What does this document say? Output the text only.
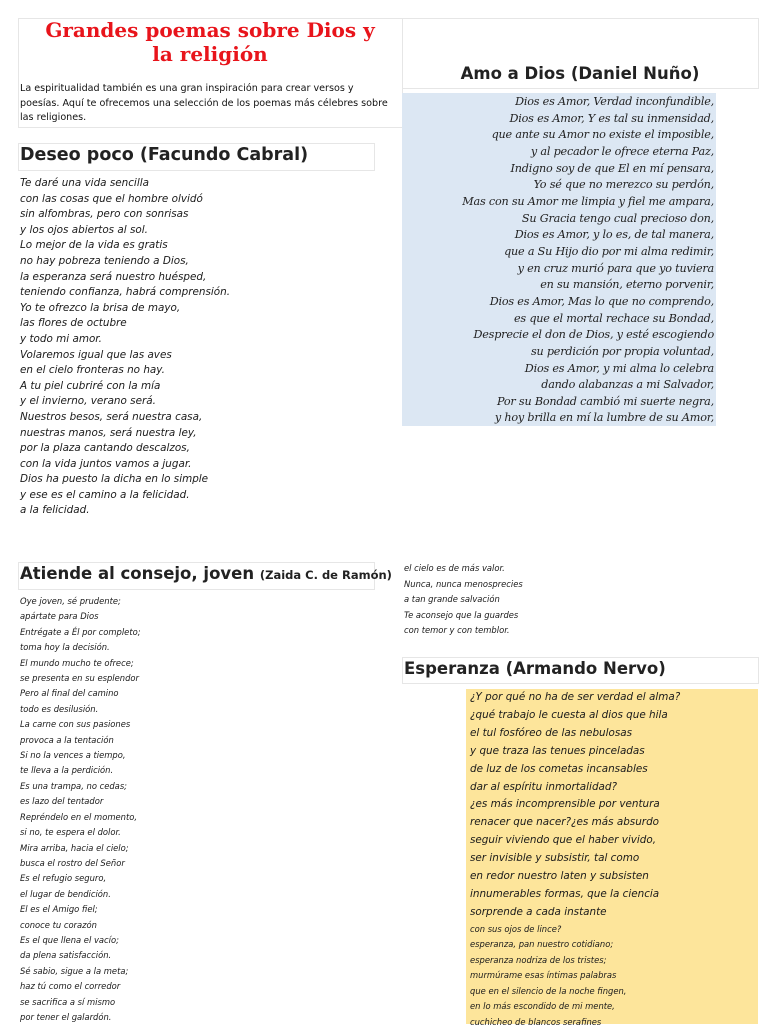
Grandes poemas sobre Dios y
la religión
La espiritualidad también es una gran inspiración para crear versos y poesías. Aquí te ofrecemos una selección de los poemas más célebres sobre las religiones.
Amo a Dios (Daniel Nuño)
Dios es Amor, Verdad inconfundible,
Dios es Amor, Y es tal su inmensidad,
que ante su Amor no existe el imposible,
y al pecador le ofrece eterna Paz,
Indigno soy de que El en mí pensara,
Yo sé que no merezco su perdón,
Mas con su Amor me limpia y fiel me ampara,
Su Gracia tengo cual precioso don,
Dios es Amor, y lo es, de tal manera,
que a Su Hijo dio por mi alma redimir,
y en cruz murió para que yo tuviera
en su mansión, eterno porvenir,
Dios es Amor, Mas lo que no comprendo,
es que el mortal rechace su Bondad,
Desprecie el don de Dios, y esté escogiendo
su perdición por propia voluntad,
Dios es Amor, y mi alma lo celebra
dando alabanzas a mi Salvador,
Por su Bondad cambió mi suerte negra,
y hoy brilla en mí la lumbre de su Amor,
Deseo poco (Facundo Cabral)
Te daré una vida sencilla
con las cosas que el hombre olvidó
sin alfombras, pero con sonrisas
y los ojos abiertos al sol.
Lo mejor de la vida es gratis
no hay pobreza teniendo a Dios,
la esperanza será nuestro huésped,
teniendo confianza, habrá comprensión.
Yo te ofrezco la brisa de mayo,
las flores de octubre
y todo mi amor.
Volaremos igual que las aves
en el cielo fronteras no hay.
A tu piel cubriré con la mía
y el invierno, verano será.
Nuestros besos, será nuestra casa,
nuestras manos, será nuestra ley,
por la plaza cantando descalzos,
con la vida juntos vamos a jugar.
Dios ha puesto la dicha en lo simple
y ese es el camino a la felicidad.
a la felicidad.
Atiende al consejo, joven (Zaida C. de Ramón)
Oye joven, sé prudente;
apártate para Dios
Entrégate a Él por completo;
toma hoy la decisión.
El mundo mucho te ofrece;
se presenta en su esplendor
Pero al final del camino
todo es desilusión.
La carne con sus pasiones
provoca a la tentación
Si no la vences a tiempo,
te lleva a la perdición.
Es una trampa, no cedas;
es lazo del tentador
Repréndelo en el momento,
si no, te espera el dolor.
Mira arriba, hacia el cielo;
busca el rostro del Señor
Es el refugio seguro,
el lugar de bendición.
El es el Amigo fiel;
conoce tu corazón
Es el que llena el vacío;
da plena satisfacción.
Sé sabio, sigue a la meta;
haz tú como el corredor
se sacrifica a sí mismo
por tener el galardón.
el cielo es de más valor.
Nunca, nunca menosprecies
a tan grande salvación
Te aconsejo que la guardes
con temor y con temblor.
Esperanza (Armando Nervo)
¿Y por qué no ha de ser verdad el alma?
¿qué trabajo le cuesta al dios que hila
el tul fosfóreo de las nebulosas
y que traza las tenues pinceladas
de luz de los cometas incansables
dar al espíritu inmortalidad?
¿es más incomprensible por ventura
renacer que nacer?¿es más absurdo
seguir viviendo que el haber vivido,
ser invisible y subsistir, tal como
en redor nuestro laten y subsisten
innumerables formas, que la ciencia
sorprende a cada instante
con sus ojos de lince?
esperanza, pan nuestro cotidiano;
esperanza nodriza de los tristes;
murmúrame esas íntimas palabras
que en el silencio de la noche fingen,
en lo más escondido de mi mente,
cuchicheo de blancos serafines
